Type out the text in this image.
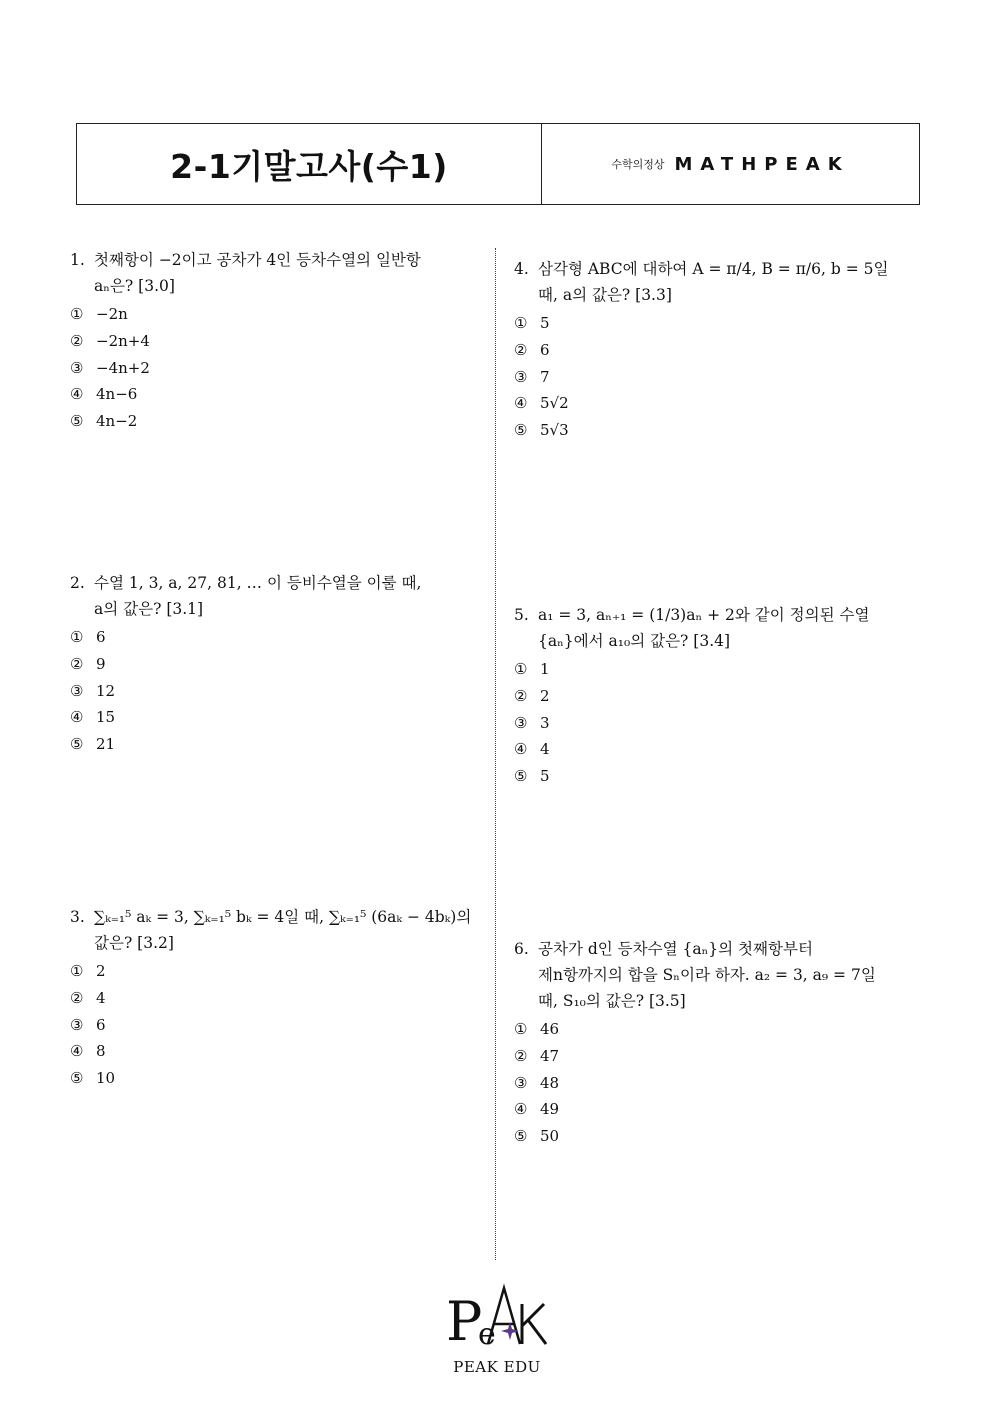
2-1기말고사(수1)	수학의정상 MATHPEAK
1. 첫째항이 −2이고 공차가 4인 등차수열의 일반항
aₙ은? [3.0]
① −2n
② −2n+4
③ −4n+2
④ 4n−6
⑤ 4n−2
2. 수열 1, 3, a, 27, 81, … 이 등비수열을 이룰 때,
a의 값은? [3.1]
① 6
② 9
③ 12
④ 15
⑤ 21
3. ∑ₖ₌₁⁵ aₖ = 3, ∑ₖ₌₁⁵ bₖ = 4일 때, ∑ₖ₌₁⁵ (6aₖ − 4bₖ)의
값은? [3.2]
① 2
② 4
③ 6
④ 8
⑤ 10
4. 삼각형 ABC에 대하여 A = π/4, B = π/6, b = 5일
때, a의 값은? [3.3]
① 5
② 6
③ 7
④ 5√2
⑤ 5√3
5. a₁ = 3, aₙ₊₁ = (1/3)aₙ + 2와 같이 정의된 수열
{aₙ}에서 a₁₀의 값은? [3.4]
① 1
② 2
③ 3
④ 4
⑤ 5
6. 공차가 d인 등차수열 {aₙ}의 첫째항부터
제n항까지의 합을 Sₙ이라 하자. a₂ = 3, a₉ = 7일
때, S₁₀의 값은? [3.5]
① 46
② 47
③ 48
④ 49
⑤ 50
P
e
PEAK EDU
